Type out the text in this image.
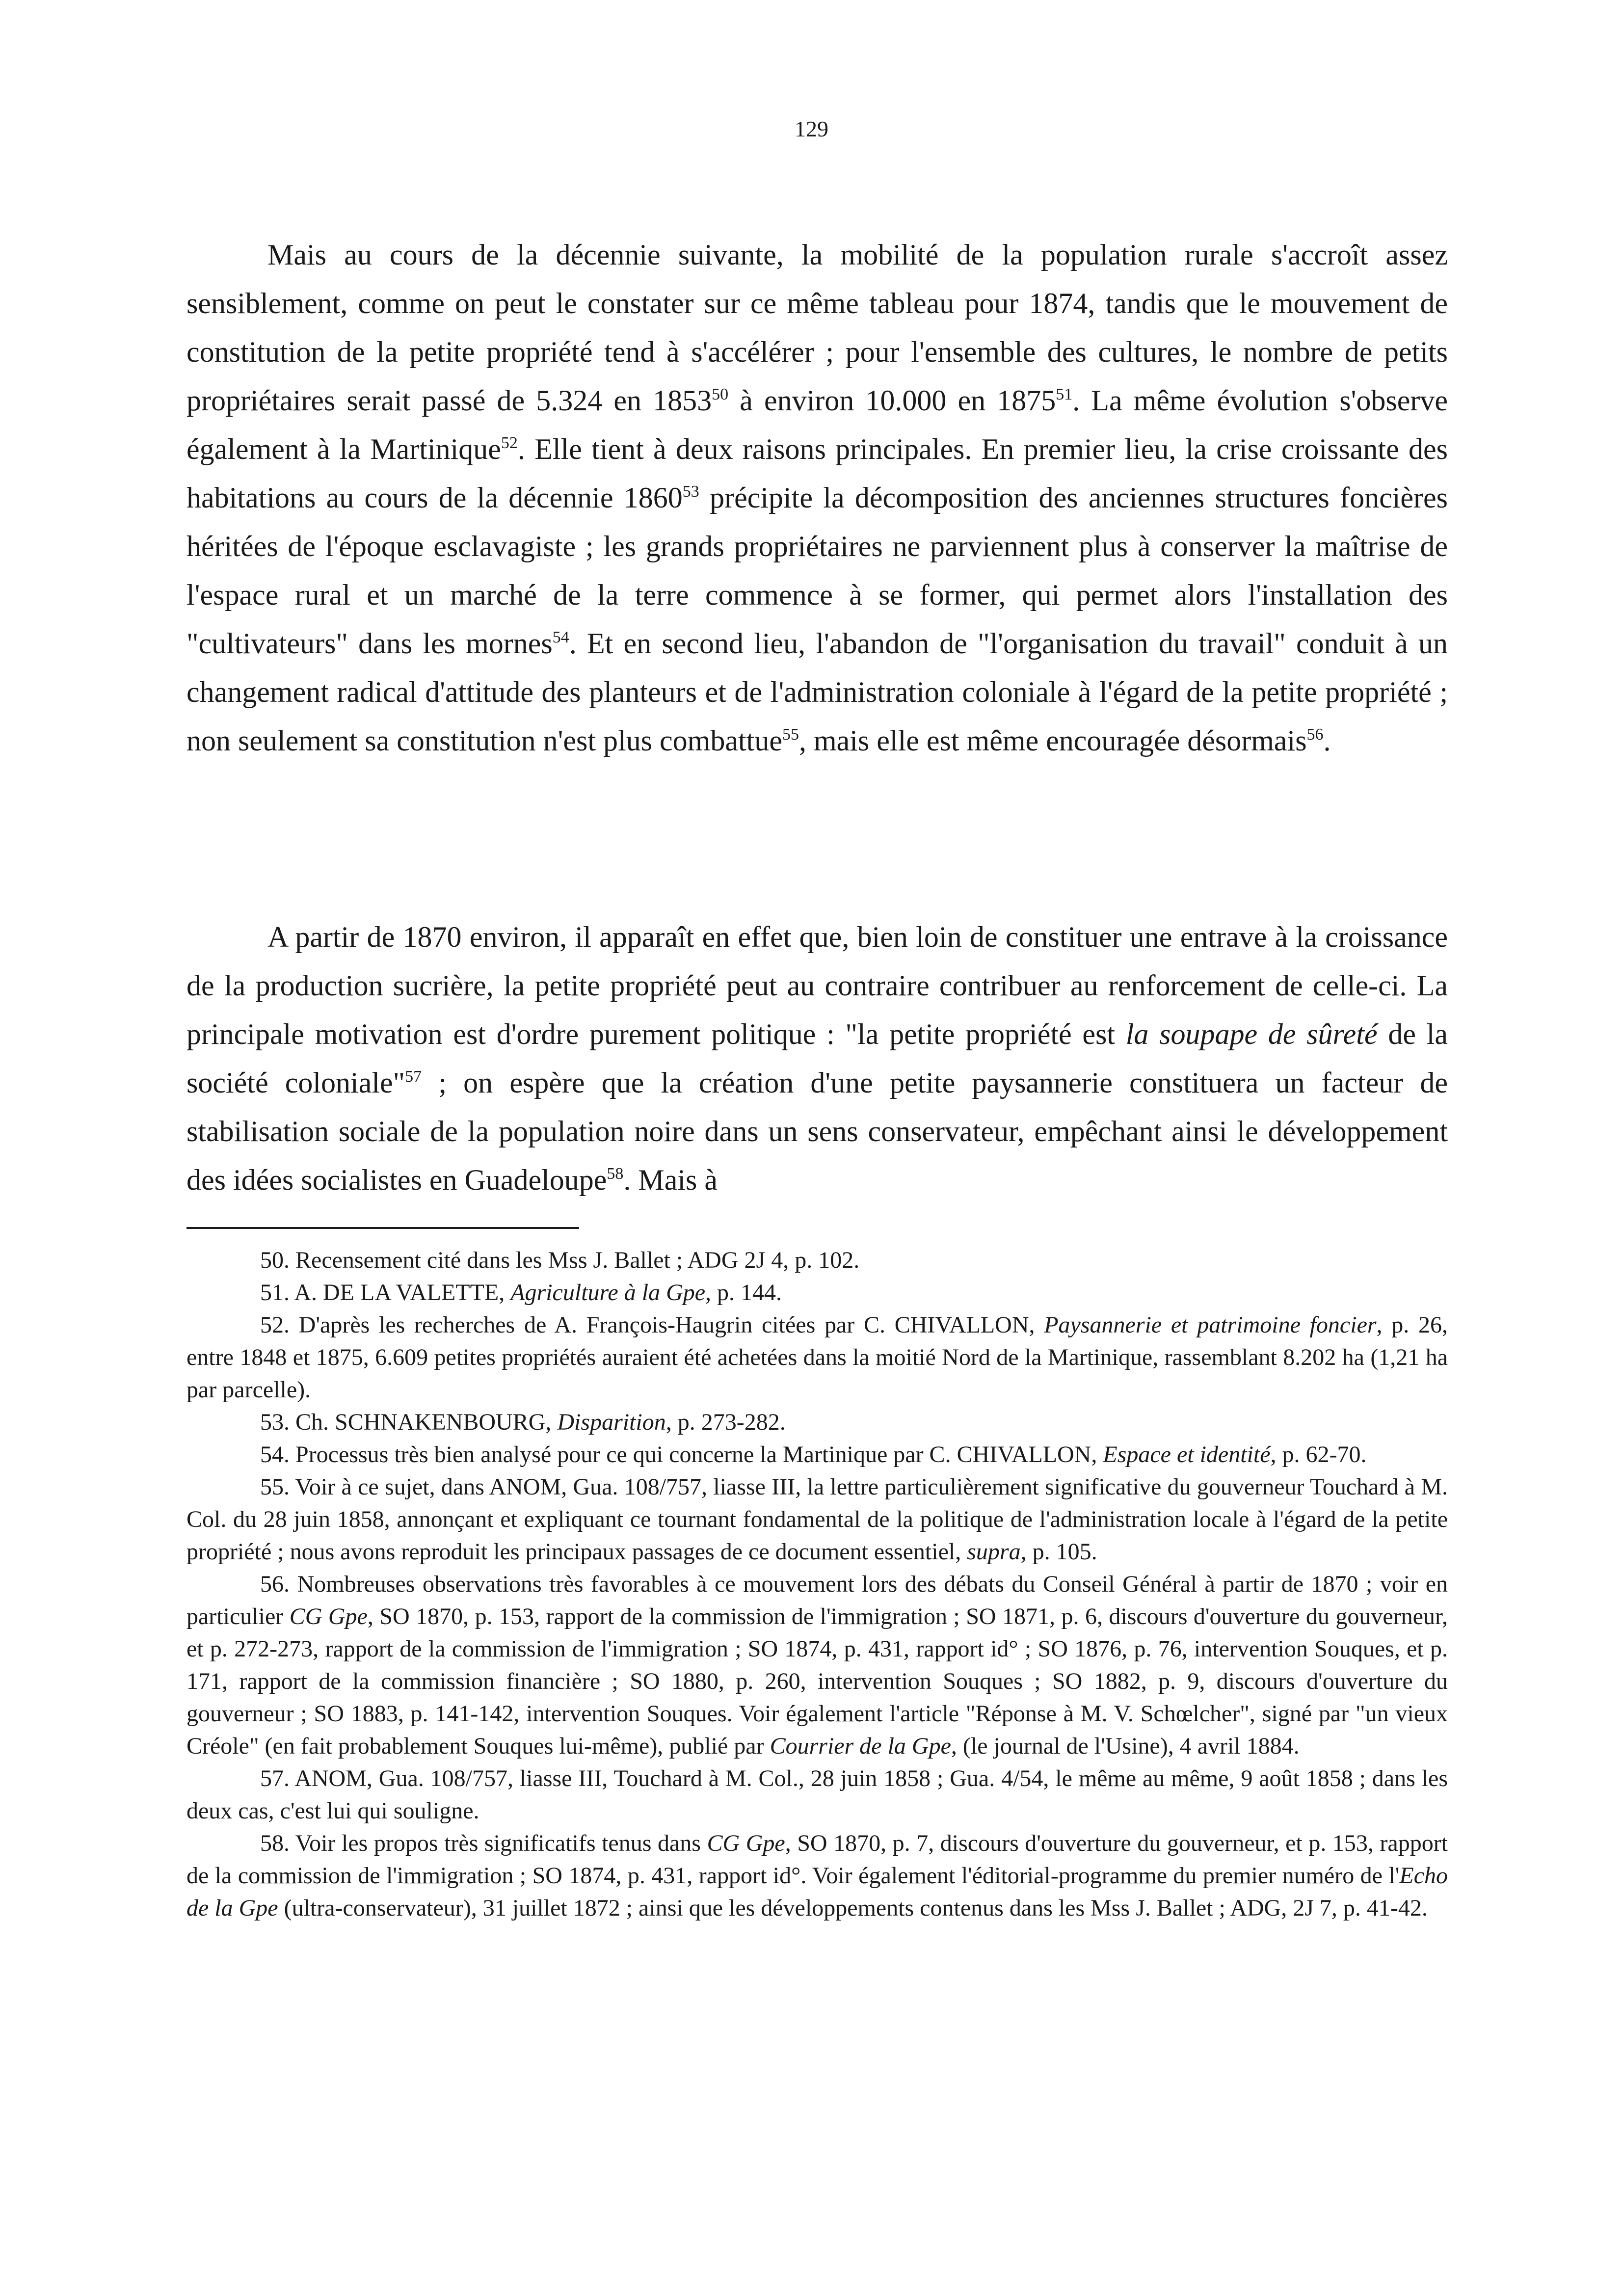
129

Mais au cours de la décennie suivante, la mobilité de la population rurale s'accroît assez sensiblement, comme on peut le constater sur ce même tableau pour 1874, tandis que le mouvement de constitution de la petite propriété tend à s'accélérer ; pour l'ensemble des cultures, le nombre de petits propriétaires serait passé de 5.324 en 1853$^{50}$ à environ 10.000 en 1875$^{51}$. La même évolution s'observe également à la Martinique$^{52}$. Elle tient à deux raisons principales. En premier lieu, la crise croissante des habitations au cours de la décennie 1860$^{53}$ précipite la décomposition des anciennes structures foncières héritées de l'époque esclavagiste ; les grands propriétaires ne parviennent plus à conserver la maîtrise de l'espace rural et un marché de la terre commence à se former, qui permet alors l'installation des "cultivateurs" dans les mornes$^{54}$. Et en second lieu, l'abandon de "l'organisation du travail" conduit à un changement radical d'attitude des planteurs et de l'administration coloniale à l'égard de la petite propriété ; non seulement sa constitution n'est plus combattue$^{55}$, mais elle est même encouragée désormais$^{56}$.

A partir de 1870 environ, il apparaît en effet que, bien loin de constituer une entrave à la croissance de la production sucrière, la petite propriété peut au contraire contribuer au renforcement de celle-ci. La principale motivation est d'ordre purement politique : "la petite propriété est la soupape de sûreté de la société coloniale"$^{57}$ ; on espère que la création d'une petite paysannerie constituera un facteur de stabilisation sociale de la population noire dans un sens conservateur, empêchant ainsi le développement des idées socialistes en Guadeloupe$^{58}$. Mais à

50. Recensement cité dans les Mss J. Ballet ; ADG 2J 4, p. 102.

51. A. DE LA VALETTE, Agriculture à la Gpe, p. 144.

52. D'après les recherches de A. François-Haugrin citées par C. CHIVALLON, Paysannerie et patrimoine foncier, p. 26, entre 1848 et 1875, 6.609 petites propriétés auraient été achetées dans la moitié Nord de la Martinique, rassemblant 8.202 ha (1,21 ha par parcelle).

53. Ch. SCHNAKENBOURG, Disparition, p. 273-282.

54. Processus très bien analysé pour ce qui concerne la Martinique par C. CHIVALLON, Espace et identité, p. 62-70.

55. Voir à ce sujet, dans ANOM, Gua. 108/757, liasse III, la lettre particulièrement significative du gouverneur Touchard à M. Col. du 28 juin 1858, annonçant et expliquant ce tournant fondamental de la politique de l'administration locale à l'égard de la petite propriété ; nous avons reproduit les principaux passages de ce document essentiel, supra, p. 105.

56. Nombreuses observations très favorables à ce mouvement lors des débats du Conseil Général à partir de 1870 ; voir en particulier CG Gpe, SO 1870, p. 153, rapport de la commission de l'immigration ; SO 1871, p. 6, discours d'ouverture du gouverneur, et p. 272-273, rapport de la commission de l'immigration ; SO 1874, p. 431, rapport id° ; SO 1876, p. 76, intervention Souques, et p. 171, rapport de la commission financière ; SO 1880, p. 260, intervention Souques ; SO 1882, p. 9, discours d'ouverture du gouverneur ; SO 1883, p. 141-142, intervention Souques. Voir également l'article "Réponse à M. V. Schœlcher", signé par "un vieux Créole" (en fait probablement Souques lui-même), publié par Courrier de la Gpe, (le journal de l'Usine), 4 avril 1884.

57. ANOM, Gua. 108/757, liasse III, Touchard à M. Col., 28 juin 1858 ; Gua. 4/54, le même au même, 9 août 1858 ; dans les deux cas, c'est lui qui souligne.

58. Voir les propos très significatifs tenus dans CG Gpe, SO 1870, p. 7, discours d'ouverture du gouverneur, et p. 153, rapport de la commission de l'immigration ; SO 1874, p. 431, rapport id°. Voir également l'éditorial-programme du premier numéro de l'Echo de la Gpe (ultra-conservateur), 31 juillet 1872 ; ainsi que les développements contenus dans les Mss J. Ballet ; ADG, 2J 7, p. 41-42.
